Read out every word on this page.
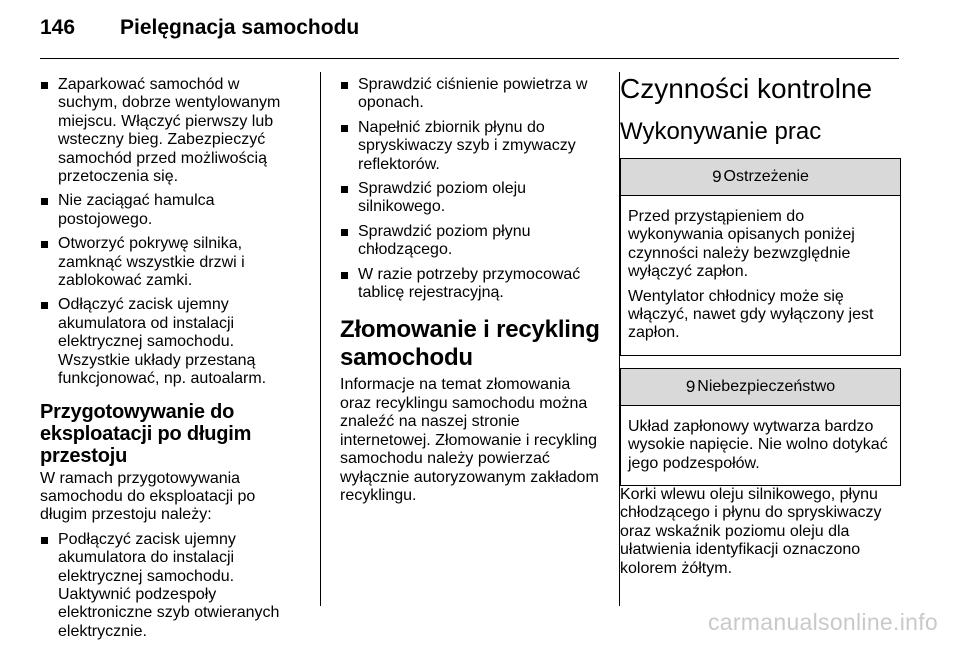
146 Pielęgnacja samochodu
Zaparkować samochód w suchym, dobrze wentylowanym miejscu. Włączyć pierwszy lub wsteczny bieg. Zabezpieczyć samochód przed możliwością przetoczenia się.
Nie zaciągać hamulca postojowego.
Otworzyć pokrywę silnika, zamknąć wszystkie drzwi i zablokować zamki.
Odłączyć zacisk ujemny akumulatora od instalacji elektrycznej samochodu. Wszystkie układy przestaną funkcjonować, np. autoalarm.
Przygotowywanie do eksploatacji po długim przestoju

W ramach przygotowywania samochodu do eksploatacji po długim przestoju należy:

Podłączyć zacisk ujemny akumulatora do instalacji elektrycznej samochodu. Uaktywnić podzespoły elektroniczne szyb otwieranych elektrycznie.
Sprawdzić ciśnienie powietrza w oponach.
Napełnić zbiornik płynu do spryskiwaczy szyb i zmywaczy reflektorów.
Sprawdzić poziom oleju silnikowego.
Sprawdzić poziom płynu chłodzącego.
W razie potrzeby przymocować tablicę rejestracyjną.
Złomowanie i recykling samochodu

Informacje na temat złomowania oraz recyklingu samochodu można znaleźć na naszej stronie internetowej. Złomowanie i recykling samochodu należy powierzać wyłącznie autoryzowanym zakładom recyklingu.

Czynności kontrolne
Wykonywanie prac
9 Ostrzeżenie

Przed przystąpieniem do wykonywania opisanych poniżej czynności należy bezwzględnie wyłączyć zapłon.

Wentylator chłodnicy może się włączyć, nawet gdy wyłączony jest zapłon.

9 Niebezpieczeństwo

Układ zapłonowy wytwarza bardzo wysokie napięcie. Nie wolno dotykać jego podzespołów.

Korki wlewu oleju silnikowego, płynu chłodzącego i płynu do spryskiwaczy oraz wskaźnik poziomu oleju dla ułatwienia identyfikacji oznaczono kolorem żółtym.

carmanualsonline.info
